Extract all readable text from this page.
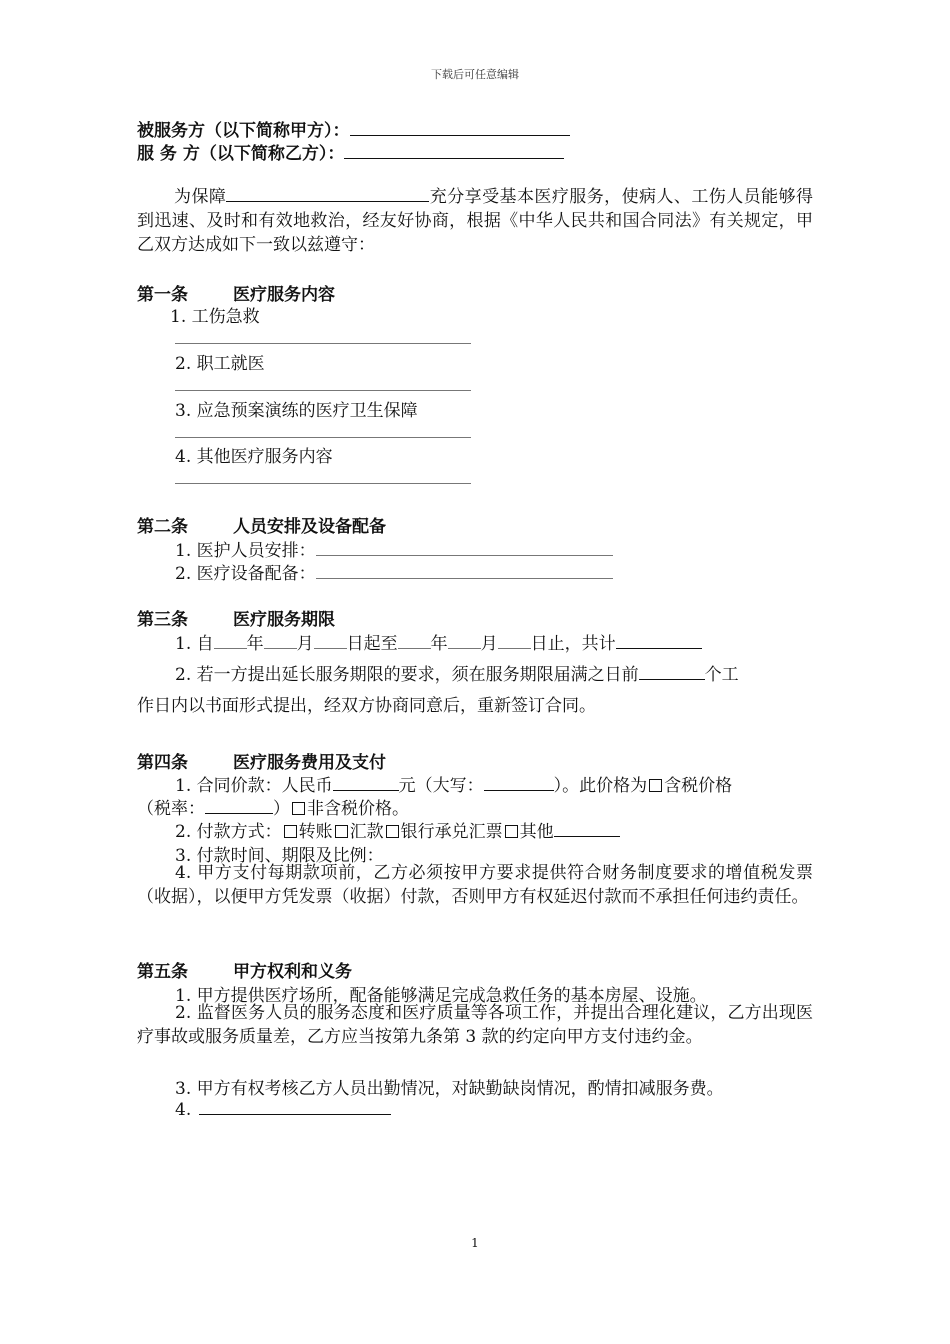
下载后可任意编辑
被服务方（以下简称甲方）：
服 务 方（以下简称乙方）：
为保障	充分享受基本医疗服务，使病人、工伤人员能够得到迅速、及时和有效地救治，经友好协商，根据《中华人民共和国合同法》有关规定，甲乙双方达成如下一致以兹遵守：
第一条	医疗服务内容
1. 工伤急救
2. 职工就医
3. 应急预案演练的医疗卫生保障
4. 其他医疗服务内容
第二条	人员安排及设备配备
1. 医护人员安排：
2. 医疗设备配备：
第三条	医疗服务期限
1. 自 年 月 日起至 年 月 日止，共计
2. 若一方提出延长服务期限的要求，须在服务期限届满之日前	个工
作日内以书面形式提出，经双方协商同意后，重新签订合同。
第四条	医疗服务费用及支付
1. 合同价款：人民币	元（大写：	）。此价格为 含税价格
（税率：	） 非含税价格。
2. 付款方式： 转账 汇款 银行承兑汇票 其他
3. 付款时间、期限及比例：
4. 甲方支付每期款项前，乙方必须按甲方要求提供符合财务制度要求的增值税发票（收据），以便甲方凭发票（收据）付款，否则甲方有权延迟付款而不承担任何违约责任。
第五条	甲方权利和义务
1. 甲方提供医疗场所，配备能够满足完成急救任务的基本房屋、设施。
2. 监督医务人员的服务态度和医疗质量等各项工作，并提出合理化建议，乙方出现医疗事故或服务质量差，乙方应当按第九条第 3 款的约定向甲方支付违约金。
3. 甲方有权考核乙方人员出勤情况，对缺勤缺岗情况，酌情扣减服务费。
4.
1
